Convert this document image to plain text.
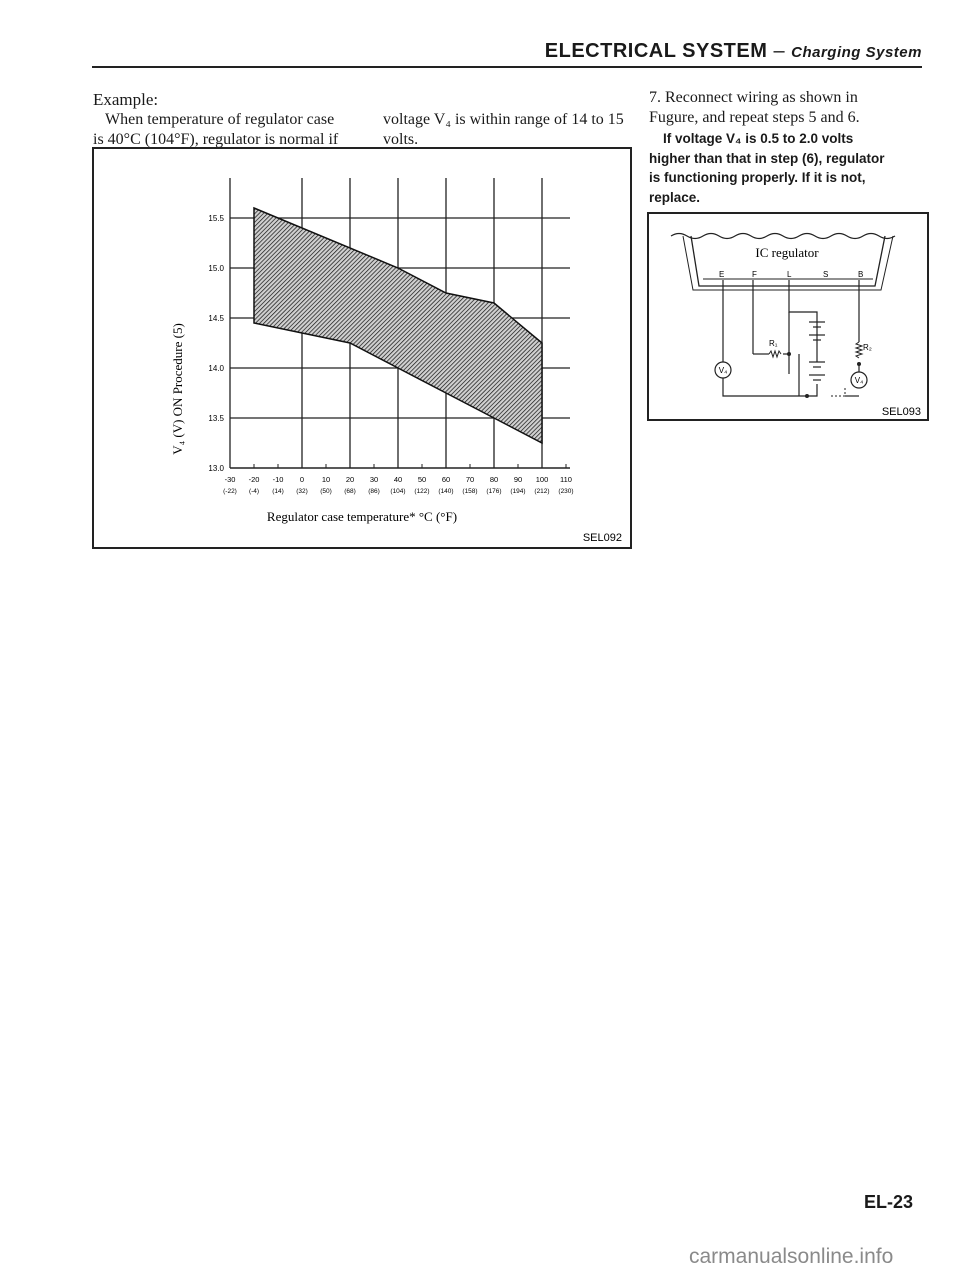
ELECTRICAL SYSTEM – Charging System
Example:
When temperature of regulator case
is 40°C (104°F), regulator is normal if
voltage V₄ is within range of 14 to 15
volts.
13.0
13.5
14.0
14.5
15.0
15.5
-30
(-22)
-20
(-4)
-10
(14)
0
(32)
10
(50)
20
(68)
30
(86)
40
(104)
50
(122)
60
(140)
70
(158)
80
(176)
90
(194)
100
(212)
110
(230)
V₄ (V) ON Procedure (5)
Regulator case temperature* °C (°F)
SEL092
7. Reconnect wiring as shown in
Fugure, and repeat steps 5 and 6.
If voltage V₄ is 0.5 to 2.0 volts
higher than that in step (6), regulator
is functioning properly. If it is not,
replace.
IC regulator
E	F	L	S	B
R₁	R₂
V₄
V₄
SEL093
EL-23
carmanualsonline.info
